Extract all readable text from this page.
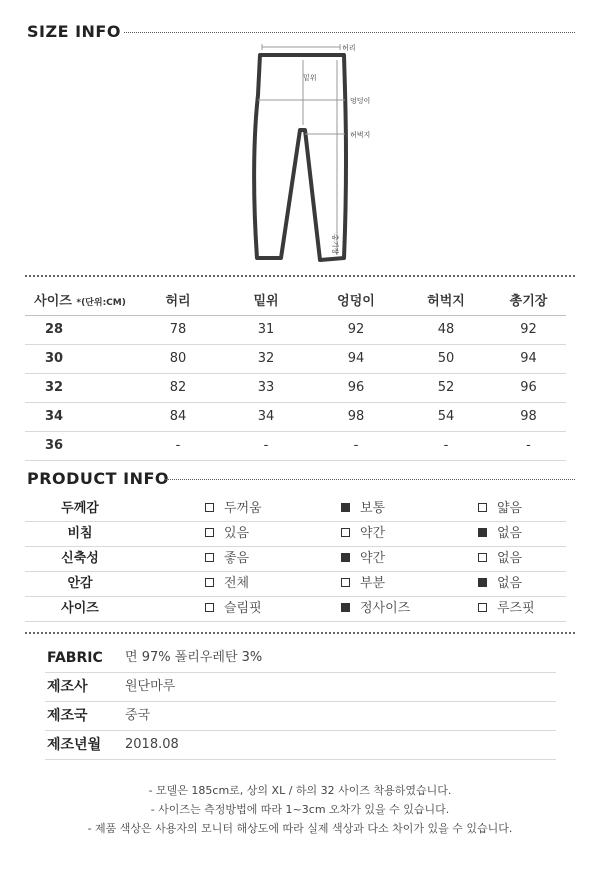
SIZE INFO
허리
밑위
엉덩이
허벅지
총기장
사이즈 *(단위:CM)	허리	밑위	엉덩이	허벅지	총기장
28	78	31	92	48	92
30	80	32	94	50	94
32	82	33	96	52	96
34	84	34	98	54	98
36	-	-	-	-	-
PRODUCT INFO
두께감	두꺼움	보통	얇음
비침	있음	약간	없음
신축성	좋음	약간	없음
안감	전체	부분	없음
사이즈	슬림핏	정사이즈	루즈핏
FABRIC 면 97% 폴리우레탄 3%
제조사	원단마루
제조국	중국
제조년월 2018.08
- 모델은 185cm로, 상의 XL / 하의 32 사이즈 착용하였습니다.
- 사이즈는 측정방법에 따라 1~3cm 오차가 있을 수 있습니다.
- 제품 색상은 사용자의 모니터 해상도에 따라 실제 색상과 다소 차이가 있을 수 있습니다.
